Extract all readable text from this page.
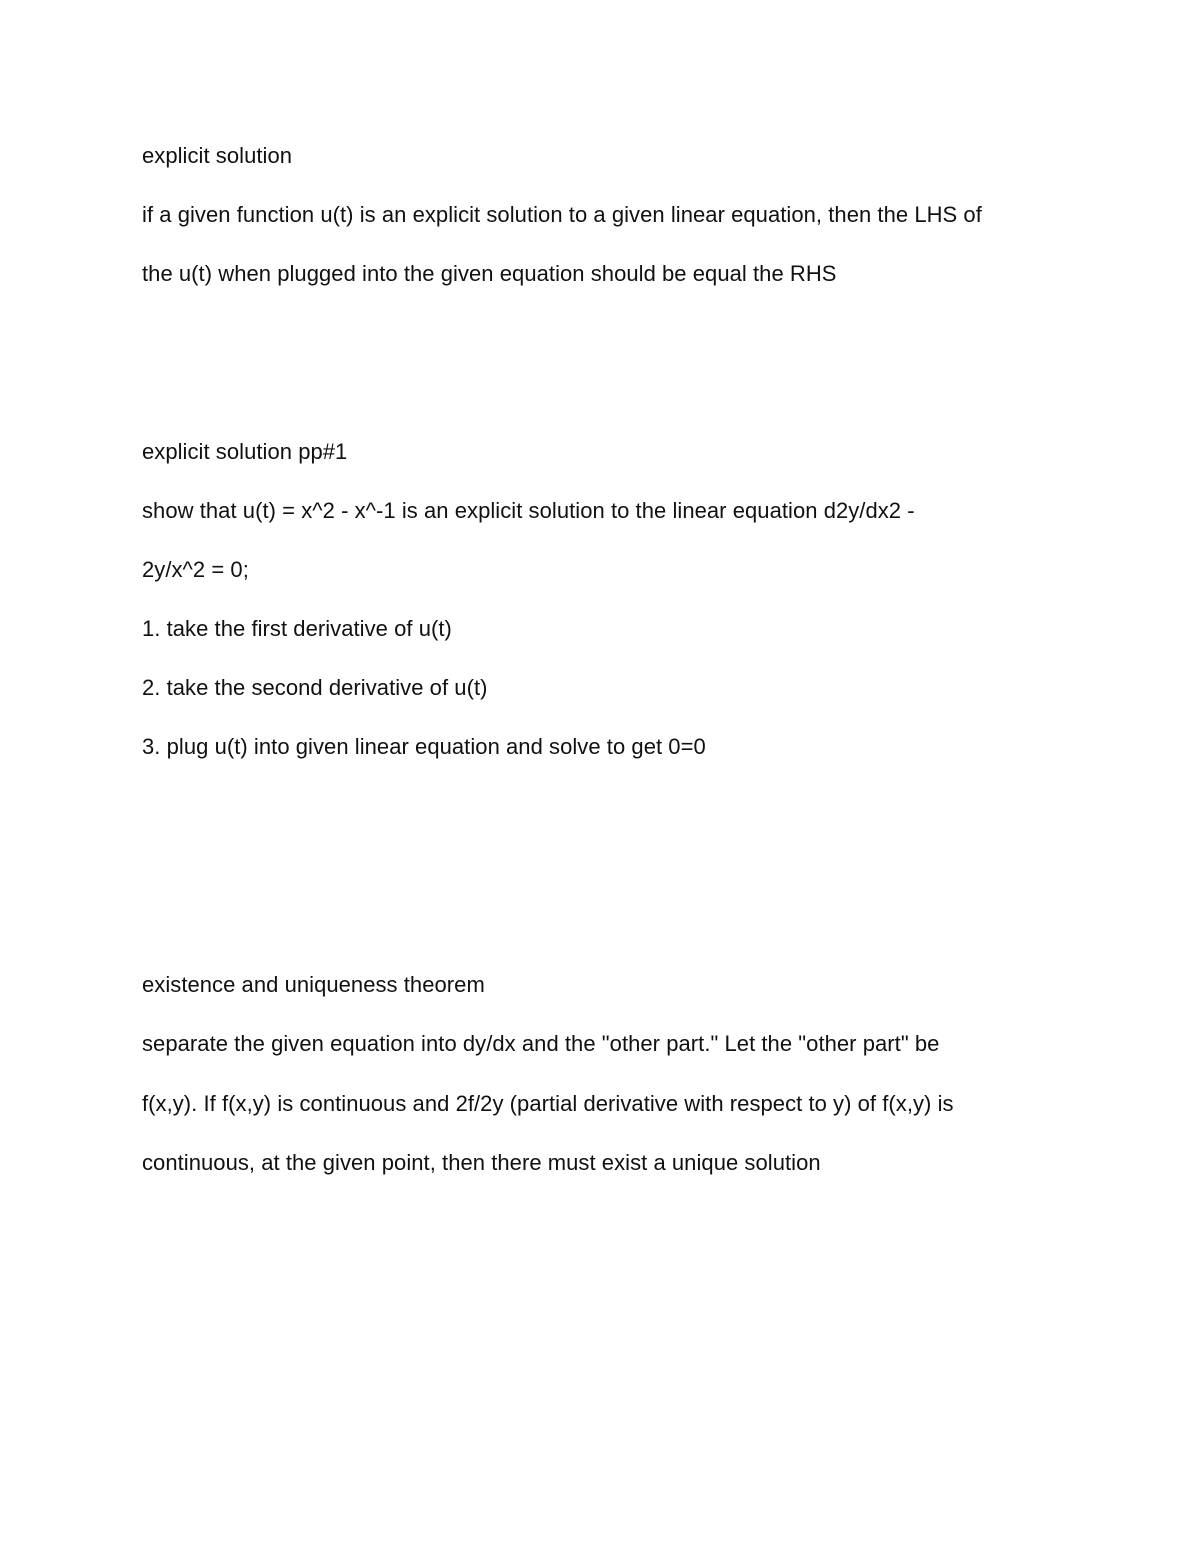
explicit solution
if a given function u(t) is an explicit solution to a given linear equation, then the LHS of
the u(t) when plugged into the given equation should be equal the RHS
explicit solution pp#1
show that u(t) = x^2 - x^-1 is an explicit solution to the linear equation d2y/dx2 -
2y/x^2 = 0;
1. take the first derivative of u(t)
2. take the second derivative of u(t)
3. plug u(t) into given linear equation and solve to get 0=0
existence and uniqueness theorem
separate the given equation into dy/dx and the "other part." Let the "other part" be
f(x,y). If f(x,y) is continuous and 2f/2y (partial derivative with respect to y) of f(x,y) is
continuous, at the given point, then there must exist a unique solution
